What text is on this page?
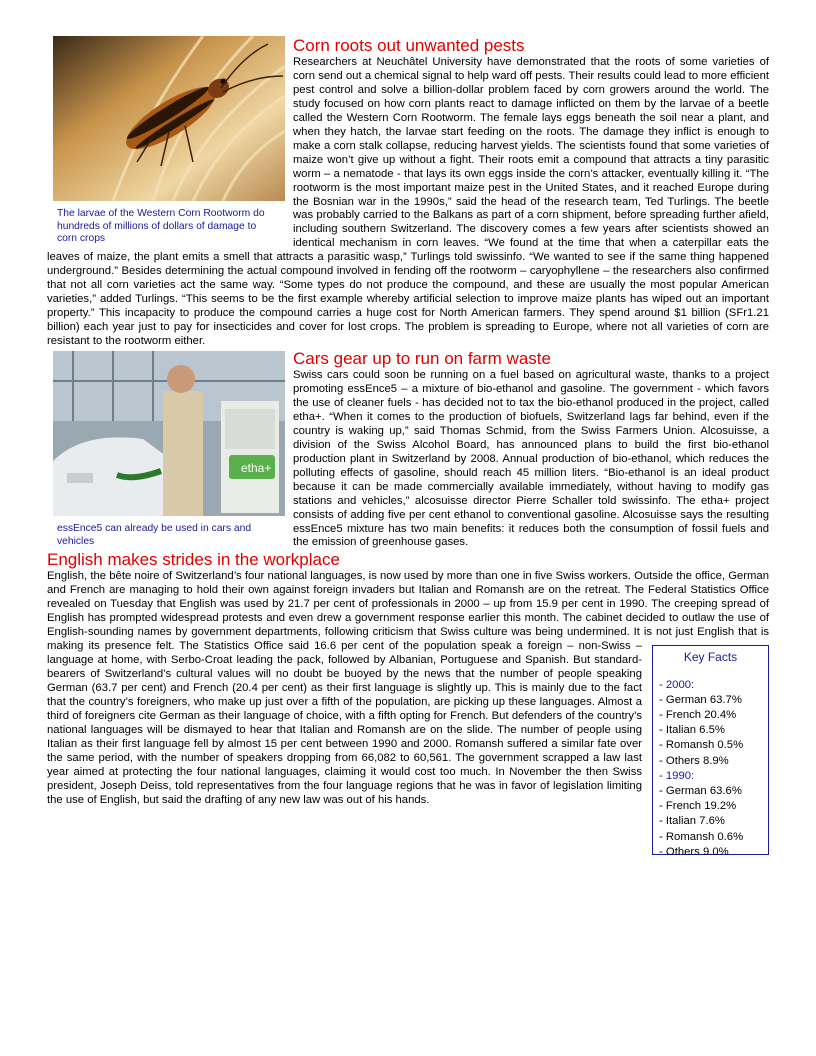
The larvae of the Western Corn Rootworm do hundreds of millions of dollars of damage to corn crops
Corn roots out unwanted pests

Researchers at Neuchâtel University have demonstrated that the roots of some varieties of corn send out a chemical signal to help ward off pests. Their results could lead to more efficient pest control and solve a billion-dollar problem faced by corn growers around the world. The study focused on how corn plants react to damage inflicted on them by the larvae of a beetle called the Western Corn Rootworm. The female lays eggs beneath the soil near a plant, and when they hatch, the larvae start feeding on the roots. The damage they inflict is enough to make a corn stalk collapse, reducing harvest yields. The scientists found that some varieties of maize won’t give up without a fight. Their roots emit a compound that attracts a tiny parasitic worm – a nematode - that lays its own eggs inside the corn’s attacker, eventually killing it. “The rootworm is the most important maize pest in the United States, and it reached Europe during the Bosnian war in the 1990s,” said the head of the research team, Ted Turlings. The beetle was probably carried to the Balkans as part of a corn shipment, before spreading further afield, including southern Switzerland. The discovery comes a few years after scientists showed an identical mechanism in corn leaves. “We found at the time that when a caterpillar eats the leaves of maize, the plant emits a smell that attracts a parasitic wasp,” Turlings told swissinfo. “We wanted to see if the same thing happened underground.” Besides determining the actual compound involved in fending off the rootworm – caryophyllene – the researchers also confirmed that not all corn varieties act the same way. “Some types do not produce the compound, and these are usually the most popular American varieties,” added Turlings. “This seems to be the first example whereby artificial selection to improve maize plants has wiped out an important property.” This incapacity to produce the compound carries a huge cost for North American farmers. They spend around $1 billion (SFr1.21 billion) each year just to pay for insecticides and cover for lost crops. The problem is spreading to Europe, where not all varieties of corn are resistant to the rootworm either.

etha+
essEnce5 can already be used in cars and vehicles
Cars gear up to run on farm waste

Swiss cars could soon be running on a fuel based on agricultural waste, thanks to a project promoting essEnce5 – a mixture of bio-ethanol and gasoline. The government - which favors the use of cleaner fuels - has decided not to tax the bio-ethanol produced in the project, called etha+. “When it comes to the production of biofuels, Switzerland lags far behind, even if the country is waking up,” said Thomas Schmid, from the Swiss Farmers Union. Alcosuisse, a division of the Swiss Alcohol Board, has announced plans to build the first bio-ethanol production plant in Switzerland by 2008. Annual production of bio-ethanol, which reduces the polluting effects of gasoline, should reach 45 million liters. “Bio-ethanol is an ideal product because it can be made commercially available immediately, without having to modify gas stations and vehicles,” alcosuisse director Pierre Schaller told swissinfo. The etha+ project consists of adding five per cent ethanol to conventional gasoline. Alcosuisse says the resulting essEnce5 mixture has two main benefits: it reduces both the consumption of fossil fuels and the emission of greenhouse gases.

English makes strides in the workplace
Key Facts
- 2000:
- German 63.7%
- French 20.4%
- Italian 6.5%
- Romansh 0.5%
- Others 8.9%
- 1990:
- German 63.6%
- French 19.2%
- Italian 7.6%
- Romansh 0.6%
- Others 9.0%

English, the bête noire of Switzerland’s four national languages, is now used by more than one in five Swiss workers. Outside the office, German and French are managing to hold their own against foreign invaders but Italian and Romansh are on the retreat. The Federal Statistics Office revealed on Tuesday that English was used by 21.7 per cent of professionals in 2000 – up from 15.9 per cent in 1990. The creeping spread of English has prompted widespread protests and even drew a government response earlier this month. The cabinet decided to outlaw the use of English-sounding names by government departments, following criticism that Swiss culture was being undermined. It is not just English that is making its presence felt. The Statistics Office said 16.6 per cent of the population speak a foreign – non-Swiss – language at home, with Serbo-Croat leading the pack, followed by Albanian, Portuguese and Spanish. But standard-bearers of Switzerland’s cultural values will no doubt be buoyed by the news that the number of people speaking German (63.7 per cent) and French (20.4 per cent) as their first language is slightly up. This is mainly due to the fact that the country’s foreigners, who make up just over a fifth of the population, are picking up these languages. Almost a third of foreigners cite German as their language of choice, with a fifth opting for French. But defenders of the country’s national languages will be dismayed to hear that Italian and Romansh are on the slide. The number of people using Italian as their first language fell by almost 15 per cent between 1990 and 2000. Romansh suffered a similar fate over the same period, with the number of speakers dropping from 66,082 to 60,561. The government scrapped a law last year aimed at protecting the four national languages, claiming it would cost too much. In November the then Swiss president, Joseph Deiss, told representatives from the four language regions that he was in favor of legislation limiting the use of English, but said the drafting of any new law was out of his hands.
